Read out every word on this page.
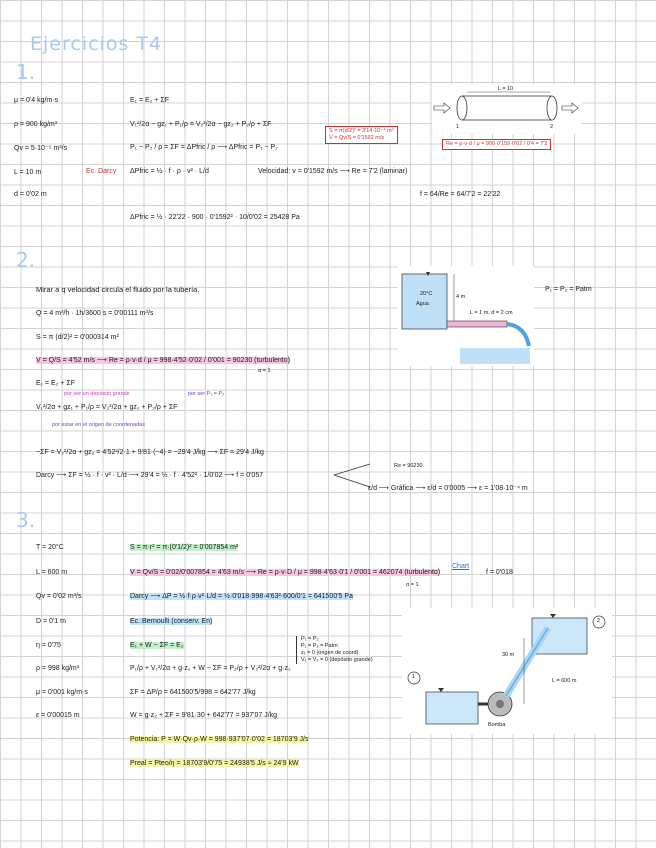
Ejercicios T4
1.
2.
3.
μ = 0'4 kg/m·s
ρ = 900 kg/m³
Qv = 5·10⁻⁵ m³/s
L = 10 m
d = 0'02 m
E₁ = E₂ + ΣF
V₁²/2α − gz₁ + P₁/ρ = V₂²/2α − gz₂ + P₂/ρ + ΣF
P₁ − P₂ / ρ = ΣF = ΔPfric / ρ ⟶ ΔPfric = P₁ − P₂
Ec. Darcy ΔPfric = ½ · f · ρ · v² · L/d	Velocidad: v = 0'1592 m/s ⟶ Re = 7'2 (laminar)
f = 64/Re = 64/7'2 = 22'22
ΔPfric = ½ · 22'22 · 900 · 0'1592² · 10/0'02 = 25428 Pa
S = π(d/2)² = 3'14·10⁻⁴ m²
V = Qv/S = 0'1592 m/s
Re = ρ·v·d / μ = 900·0'159·0'02 / 0'4 = 7'2
L = 10
1	2
Mirar a q velocidad circula el fluido por la tubería.	P₁ = P₂ = Patm
Q = 4 m³/h · 1h/3600 s = 0'00111 m³/s
S = π (d/2)² = 0'000314 m²
V = Q/S = 4'52 m/s ⟶ Re = ρ·v·d / μ = 998·4'52·0'02 / 0'001 = 90230 (turbulento)
α = 1
E₁ = E₂ + ΣF
por ser un depósito grande	por ser P₁ = P₂
V₁²/2α + gz₁ + P₁/ρ = V₂²/2α + gz₂ + P₂/ρ + ΣF
por estar en el origen de coordenadas
−ΣF = V₂²/2α + gz₂ = 4'52²/2·1 + 9'81·(−4) = −29'4 J/kg ⟶ ΣF = 29'4 J/kg
Darcy ⟶ ΣF = ½ · f · v² · L/d ⟶ 29'4 = ½ · f · 4'52² · 1/0'02 ⟶ f = 0'057
Re = 90230
ε/d ⟶ Gráfica ⟶ ε/d = 0'0005 ⟶ ε = 1'08·10⁻⁴ m
Agua
20°C	4 m
L = 1 m, d = 2 cm
T = 20°C
L = 600 m
Qv = 0'02 m³/s
D = 0'1 m
η = 0'75
ρ = 998 kg/m³
μ = 0'001 kg/m·s
ε = 0'00015 m
S = π·r² = π·(0'1/2)² = 0'007854 m²
V = Qv/S = 0'02/0'007854 = 4'63 m/s ⟶ Re = ρ·v·D / μ = 998·4'63·0'1 / 0'001 = 462074 (turbulento)
Chart
f = 0'018
α = 1
Darcy ⟶ ΔP = ½·f·ρ·v²·L/d = ½·0'018·998·4'63²·600/0'1 = 641500'5 Pa
Ec. Bernoulli (conserv. En)
E₁ + W − ΣF = E₂
P₁/ρ + V₁²/2α + g·z₁ + W − ΣF = P₂/ρ + V₂²/2α + g·z₂
ΣF = ΔP/ρ = 641500'5/998 = 642'77 J/kg
W = g·z₂ + ΣF = 9'81·30 + 642'77 = 937'07 J/kg
Potencia: P = W·Qv·ρ·W = 998·937'07·0'02 = 18703'9 J/s
Preal = Pteo/η = 18703'9/0'75 = 24938'5 J/s ≈ 24'9 kW
P₁ = P₂
P₁ = P₂ = Patm
z₁ = 0 (origen de coord)
V₁ = V₂ = 0 (depósito grande)
1
2
30 m
L = 600 m
Bomba
